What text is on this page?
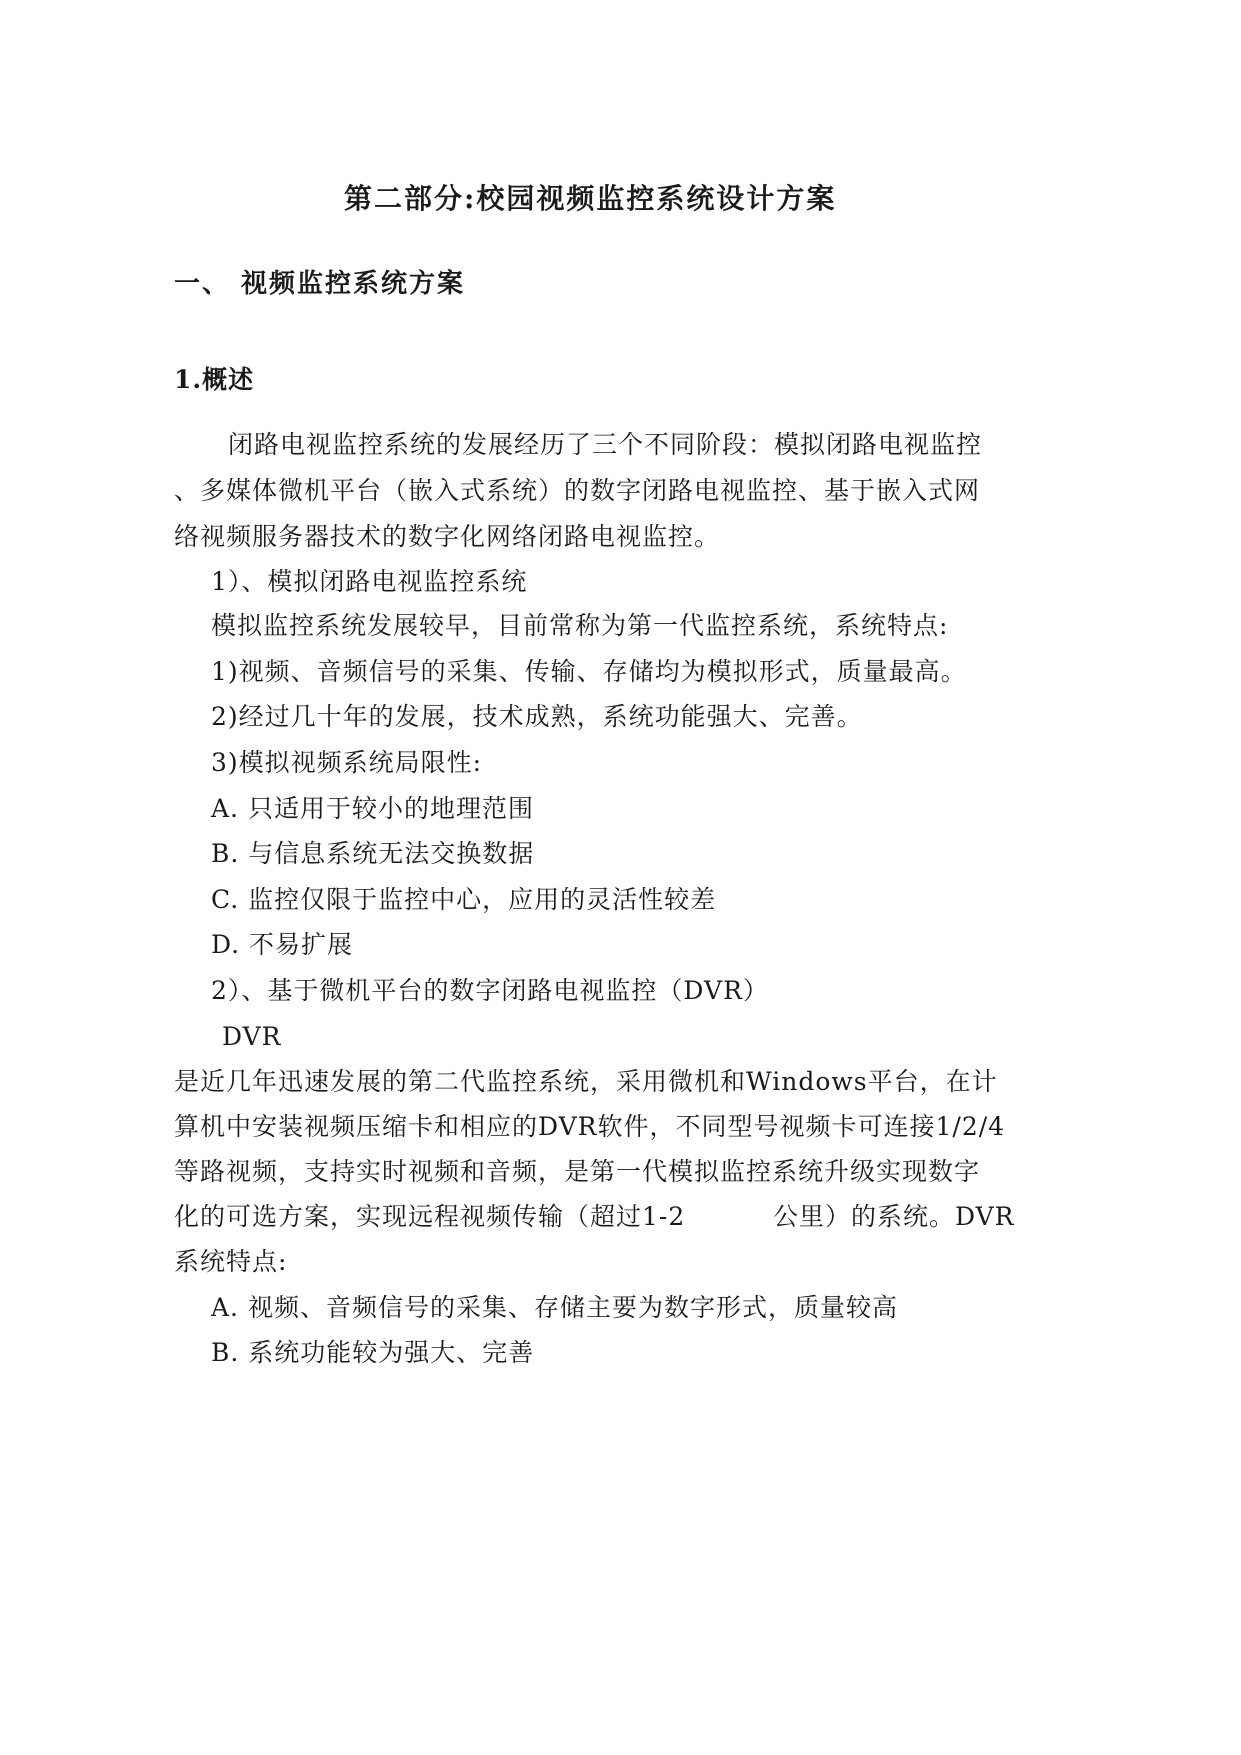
第二部分:校园视频监控系统设计方案
一、 视频监控系统方案
1.概述
闭路电视监控系统的发展经历了三个不同阶段：模拟闭路电视监控
、多媒体微机平台（嵌入式系统）的数字闭路电视监控、基于嵌入式网
络视频服务器技术的数字化网络闭路电视监控。
1）、模拟闭路电视监控系统
模拟监控系统发展较早，目前常称为第一代监控系统，系统特点:
1)视频、音频信号的采集、传输、存储均为模拟形式，质量最高。
2)经过几十年的发展，技术成熟，系统功能强大、完善。
3)模拟视频系统局限性:
A. 只适用于较小的地理范围
B. 与信息系统无法交换数据
C. 监控仅限于监控中心，应用的灵活性较差
D. 不易扩展
2）、基于微机平台的数字闭路电视监控（DVR）
DVR
是近几年迅速发展的第二代监控系统，采用微机和Windows平台，在计
算机中安装视频压缩卡和相应的DVR软件，不同型号视频卡可连接1/2/4
等路视频，支持实时视频和音频，是第一代模拟监控系统升级实现数字
化的可选方案，实现远程视频传输（超过1-2	公里）的系统。DVR
系统特点:
A. 视频、音频信号的采集、存储主要为数字形式，质量较高
B. 系统功能较为强大、完善
